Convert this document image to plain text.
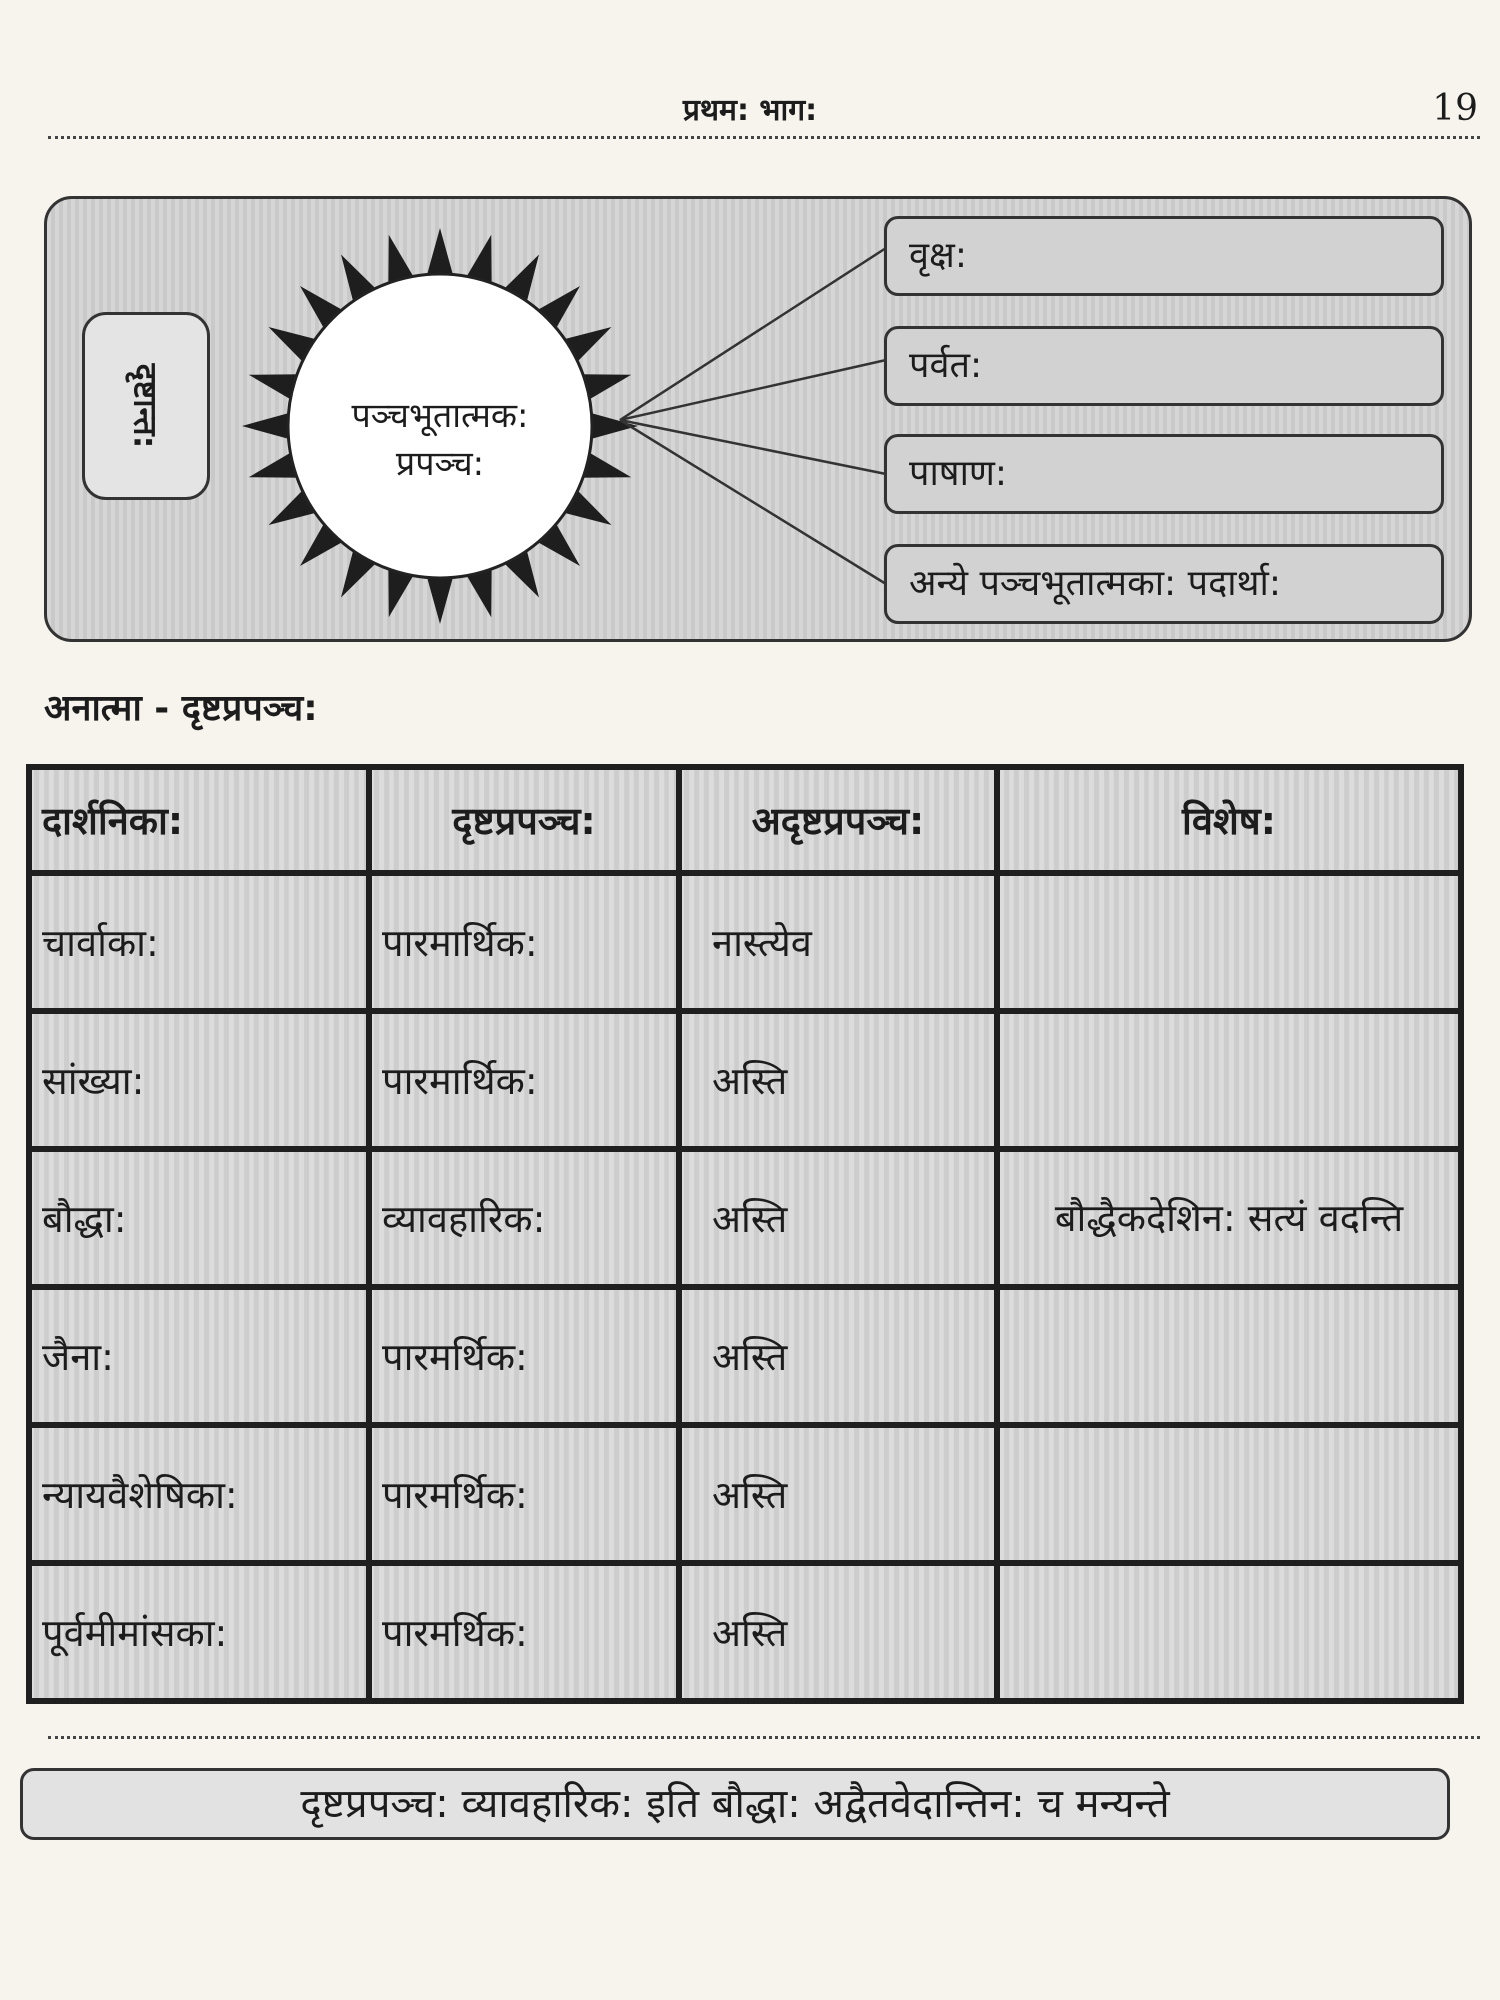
प्रथम: भाग:	19
दृष्टान्त:	पञ्चभूतात्मक:
प्रपञ्च:
वृक्ष:
पर्वत:
पाषाण:
अन्ये पञ्चभूतात्मका: पदार्था:
अनात्मा - दृष्टप्रपञ्च:
दार्शनिका:	दृष्टप्रपञ्च:	अदृष्टप्रपञ्च:	विशेष:
चार्वाका:	पारमार्थिक:	नास्त्येव	
सांख्या:	पारमार्थिक:	अस्ति	
बौद्धा:	व्यावहारिक:	अस्ति	बौद्धैकदेशिन: सत्यं वदन्ति
जैना:	पारमर्थिक:	अस्ति	
न्यायवैशेषिका:	पारमर्थिक:	अस्ति	
पूर्वमीमांसका:	पारमर्थिक:	अस्ति	
दृष्टप्रपञ्च: व्यावहारिक: इति बौद्धा: अद्वैतवेदान्तिन: च मन्यन्ते
